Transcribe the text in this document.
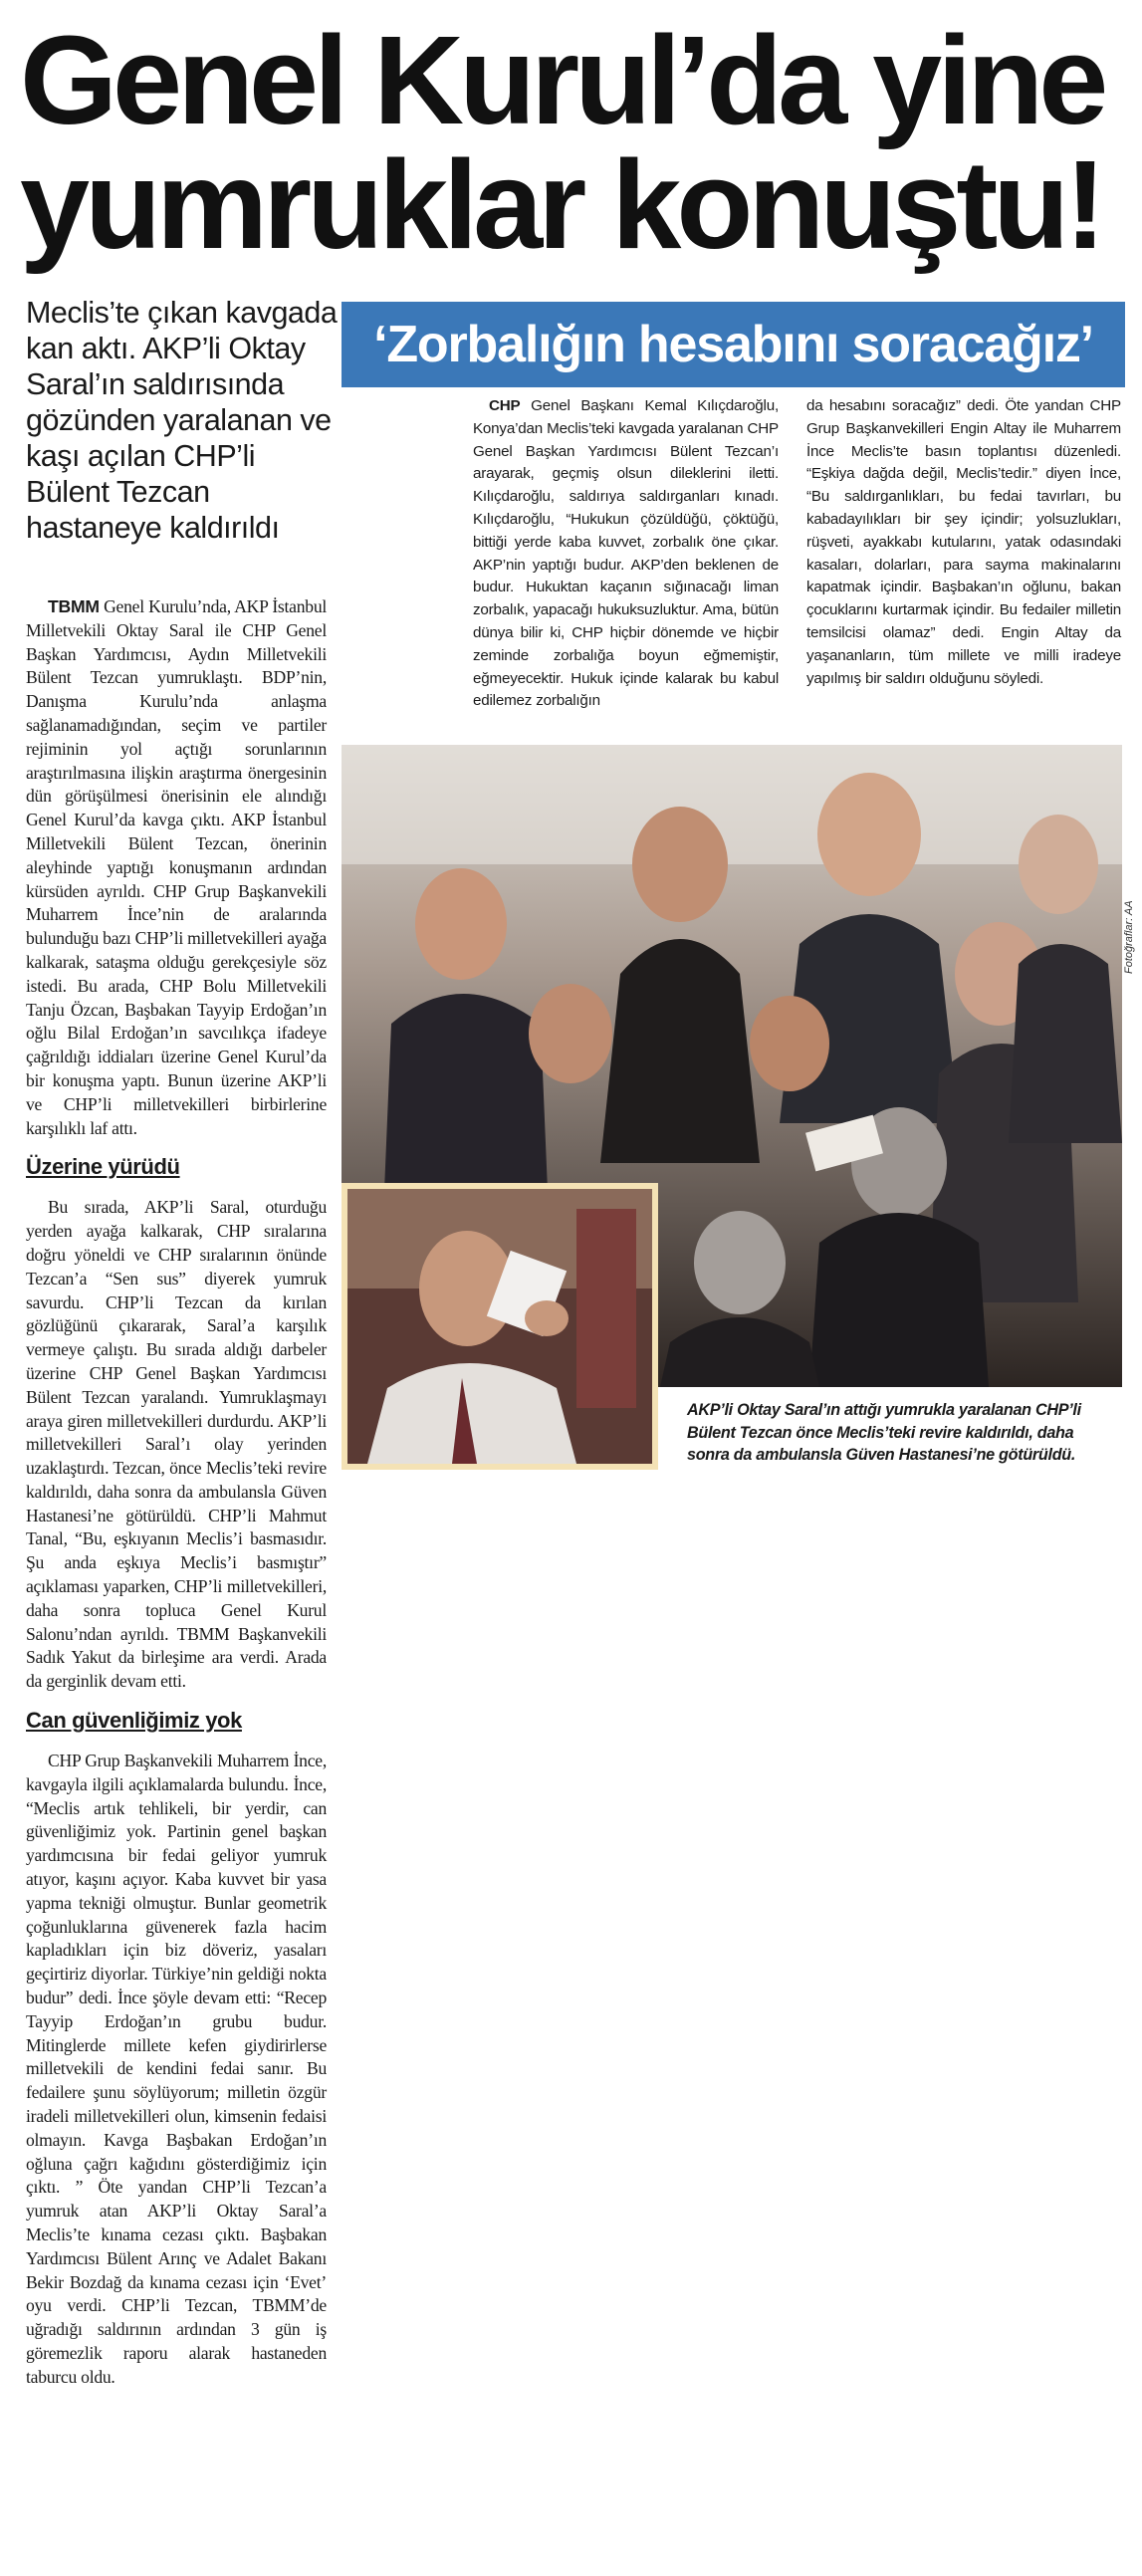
Genel Kurul’da yine
yumruklar konuştu!
Meclis’te çıkan kavgada kan aktı. AKP’li Oktay Saral’ın saldırısında gözünden yaralanan ve kaşı açılan CHP’li Bülent Tezcan hastaneye kaldırıldı

TBMM Genel Kurulu’nda, AKP İstanbul Milletvekili Oktay Saral ile CHP Genel Başkan Yardımcısı, Aydın Milletvekili Bülent Tezcan yumruklaştı. BDP’nin, Danışma Kurulu’nda anlaşma sağlanamadığından, seçim ve partiler rejiminin yol açtığı sorunlarının araştırılmasına ilişkin araştırma önergesinin dün görüşülmesi önerisinin ele alındığı Genel Kurul’da kavga çıktı. AKP İstanbul Milletvekili Bülent Tezcan, önerinin aleyhinde yaptığı konuşmanın ardından kürsüden ayrıldı. CHP Grup Başkanvekili Muharrem İnce’nin de aralarında bulunduğu bazı CHP’li milletvekilleri ayağa kalkarak, sataşma olduğu gerekçesiyle söz istedi. Bu arada, CHP Bolu Milletvekili Tanju Özcan, Başbakan Tayyip Erdoğan’ın oğlu Bilal Erdoğan’ın savcılıkça ifadeye çağrıldığı iddiaları üzerine Genel Kurul’da bir konuşma yaptı. Bunun üzerine AKP’li ve CHP’li milletvekilleri birbirlerine karşılıklı laf attı.

Üzerine yürüdü

Bu sırada, AKP’li Saral, oturduğu yerden ayağa kalkarak, CHP sıralarına doğru yöneldi ve CHP sıralarının önünde Tezcan’a “Sen sus” diyerek yumruk savurdu. CHP’li Tezcan da kırılan gözlüğünü çıkararak, Saral’a karşılık vermeye çalıştı. Bu sırada aldığı darbeler üzerine CHP Genel Başkan Yardımcısı Bülent Tezcan yaralandı. Yumruklaşmayı araya giren milletvekilleri durdurdu. AKP’li milletvekilleri Saral’ı olay yerinden uzaklaştırdı. Tezcan, önce Meclis’teki revire kaldırıldı, daha sonra da ambulansla Güven Hastanesi’ne götürüldü. CHP’li Mahmut Tanal, “Bu, eşkıyanın Meclis’i basmasıdır. Şu anda eşkıya Meclis’i basmıştır” açıklaması yaparken, CHP’li milletvekilleri, daha sonra topluca Genel Kurul Salonu’ndan ayrıldı. TBMM Başkanvekili Sadık Yakut da birleşime ara verdi. Arada da gerginlik devam etti.

Can güvenliğimiz yok

CHP Grup Başkanvekili Muharrem İnce, kavgayla ilgili açıklamalarda bulundu. İnce, “Meclis artık tehlikeli, bir yerdir, can güvenliğimiz yok. Partinin genel başkan yardımcısına bir fedai geliyor yumruk atıyor, kaşını açıyor. Kaba kuvvet bir yasa yapma tekniği olmuştur. Bunlar geometrik çoğunluklarına güvenerek fazla hacim kapladıkları için biz döveriz, yasaları geçirtiriz diyorlar. Türkiye’nin geldiği nokta budur” dedi. İnce şöyle devam etti: “Recep Tayyip Erdoğan’ın grubu budur. Mitinglerde millete kefen giydirirlerse milletvekili de kendini fedai sanır. Bu fedailere şunu söylüyorum; milletin özgür iradeli milletvekilleri olun, kimsenin fedaisi olmayın. Kavga Başbakan Erdoğan’ın oğluna çağrı kağıdını gösterdiğimiz için çıktı. ” Öte yandan CHP’li Tezcan’a yumruk atan AKP’li Oktay Saral’a Meclis’te kınama cezası çıktı. Başbakan Yardımcısı Bülent Arınç ve Adalet Bakanı Bekir Bozdağ da kınama cezası için ‘Evet’ oyu verdi. CHP’li Tezcan, TBMM’de uğradığı saldırının ardından 3 gün iş göremezlik raporu alarak hastaneden taburcu oldu.

‘Zorbalığın hesabını soracağız’

CHP Genel Başkanı Kemal Kılıçdaroğlu, Konya’dan Meclis’teki kavgada yaralanan CHP Genel Başkan Yardımcısı Bülent Tezcan’ı arayarak, geçmiş olsun dileklerini iletti. Kılıçdaroğlu, saldırıya saldırganları kınadı. Kılıçdaroğlu, “Hukukun çözüldüğü, çöktüğü, bittiği yerde kaba kuvvet, zorbalık öne çıkar. AKP’nin yaptığı budur. AKP’den beklenen de budur. Hukuktan kaçanın sığınacağı liman zorbalık, yapacağı hukuksuzluktur. Ama, bütün dünya bilir ki, CHP hiçbir dönemde ve hiçbir zeminde zorbalığa boyun eğmemiştir, eğmeyecektir. Hukuk içinde kalarak bu kabul edilemez zorbalığın

da hesabını soracağız” dedi. Öte yandan CHP Grup Başkanvekilleri Engin Altay ile Muharrem İnce Meclis’te basın toplantısı düzenledi. “Eşkiya dağda değil, Meclis’tedir.” diyen İnce, “Bu saldırganlıkları, bu fedai tavırları, bu kabadayılıkları bir şey içindir; yolsuzlukları, rüşveti, ayakkabı kutularını, yatak odasındaki kasaları, dolarları, para sayma makinalarını kapatmak içindir. Başbakan’ın oğlunu, bakan çocuklarını kurtarmak içindir. Bu fedailer milletin temsilcisi olamaz” dedi. Engin Altay da yaşananların, tüm millete ve milli iradeye yapılmış bir saldırı olduğunu söyledi.

Fotoğraflar: AA
AKP’li Oktay Saral’ın attığı yumrukla yaralanan CHP’li Bülent Tezcan önce Meclis’teki revire kaldırıldı, daha sonra da ambulansla Güven Hastanesi’ne götürüldü.
